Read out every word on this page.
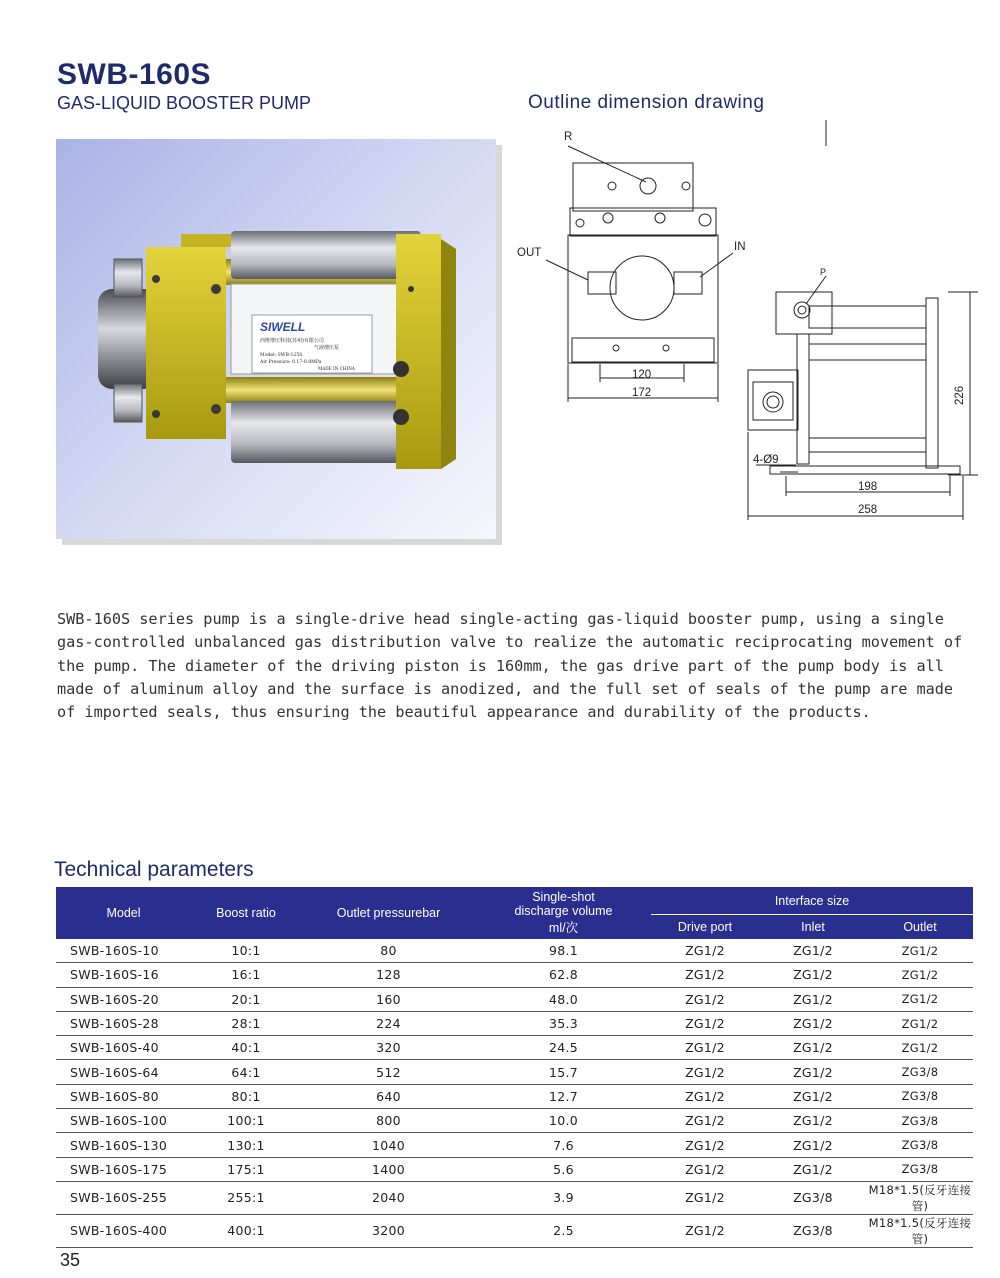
SWB-160S
GAS-LIQUID BOOSTER PUMP	Outline dimension drawing
SIWELL
西维增压科技(苏州)有限公司
气液增压泵
Model: SWB-125S
Air Pressure: 0.17-0.8MPa
MADE IN CHINA
R
OUT	IN
P
120
172	226
4-Ø9
198
258

SWB-160S series pump is a single-drive head single-acting gas-liquid booster pump, using a single gas-controlled unbalanced gas distribution valve to realize the automatic reciprocating movement of the pump. The diameter of the driving piston is 160mm, the gas drive part of the pump body is all made of aluminum alloy and the surface is anodized, and the full set of seals of the pump are made of imported seals, thus ensuring the beautiful appearance and durability of the products.

Technical parameters
Model	Boost ratio	Outlet pressurebar	Single-shot
discharge volume
ml/次	Interface size		
				Drive port	Inlet	Outlet
SWB-160S-10	10:1	80	98.1	ZG1/2	ZG1/2	ZG1/2
SWB-160S-16	16:1	128	62.8	ZG1/2	ZG1/2	ZG1/2
SWB-160S-20	20:1	160	48.0	ZG1/2	ZG1/2	ZG1/2
SWB-160S-28	28:1	224	35.3	ZG1/2	ZG1/2	ZG1/2
SWB-160S-40	40:1	320	24.5	ZG1/2	ZG1/2	ZG1/2
SWB-160S-64	64:1	512	15.7	ZG1/2	ZG1/2	ZG3/8
SWB-160S-80	80:1	640	12.7	ZG1/2	ZG1/2	ZG3/8
SWB-160S-100	100:1	800	10.0	ZG1/2	ZG1/2	ZG3/8
SWB-160S-130	130:1	1040	7.6	ZG1/2	ZG1/2	ZG3/8
SWB-160S-175	175:1	1400	5.6	ZG1/2	ZG1/2	ZG3/8
SWB-160S-255	255:1	2040	3.9	ZG1/2	ZG3/8	M18*1.5(反牙连接管)
SWB-160S-400	400:1	3200	2.5	ZG1/2	ZG3/8	M18*1.5(反牙连接管)
35
